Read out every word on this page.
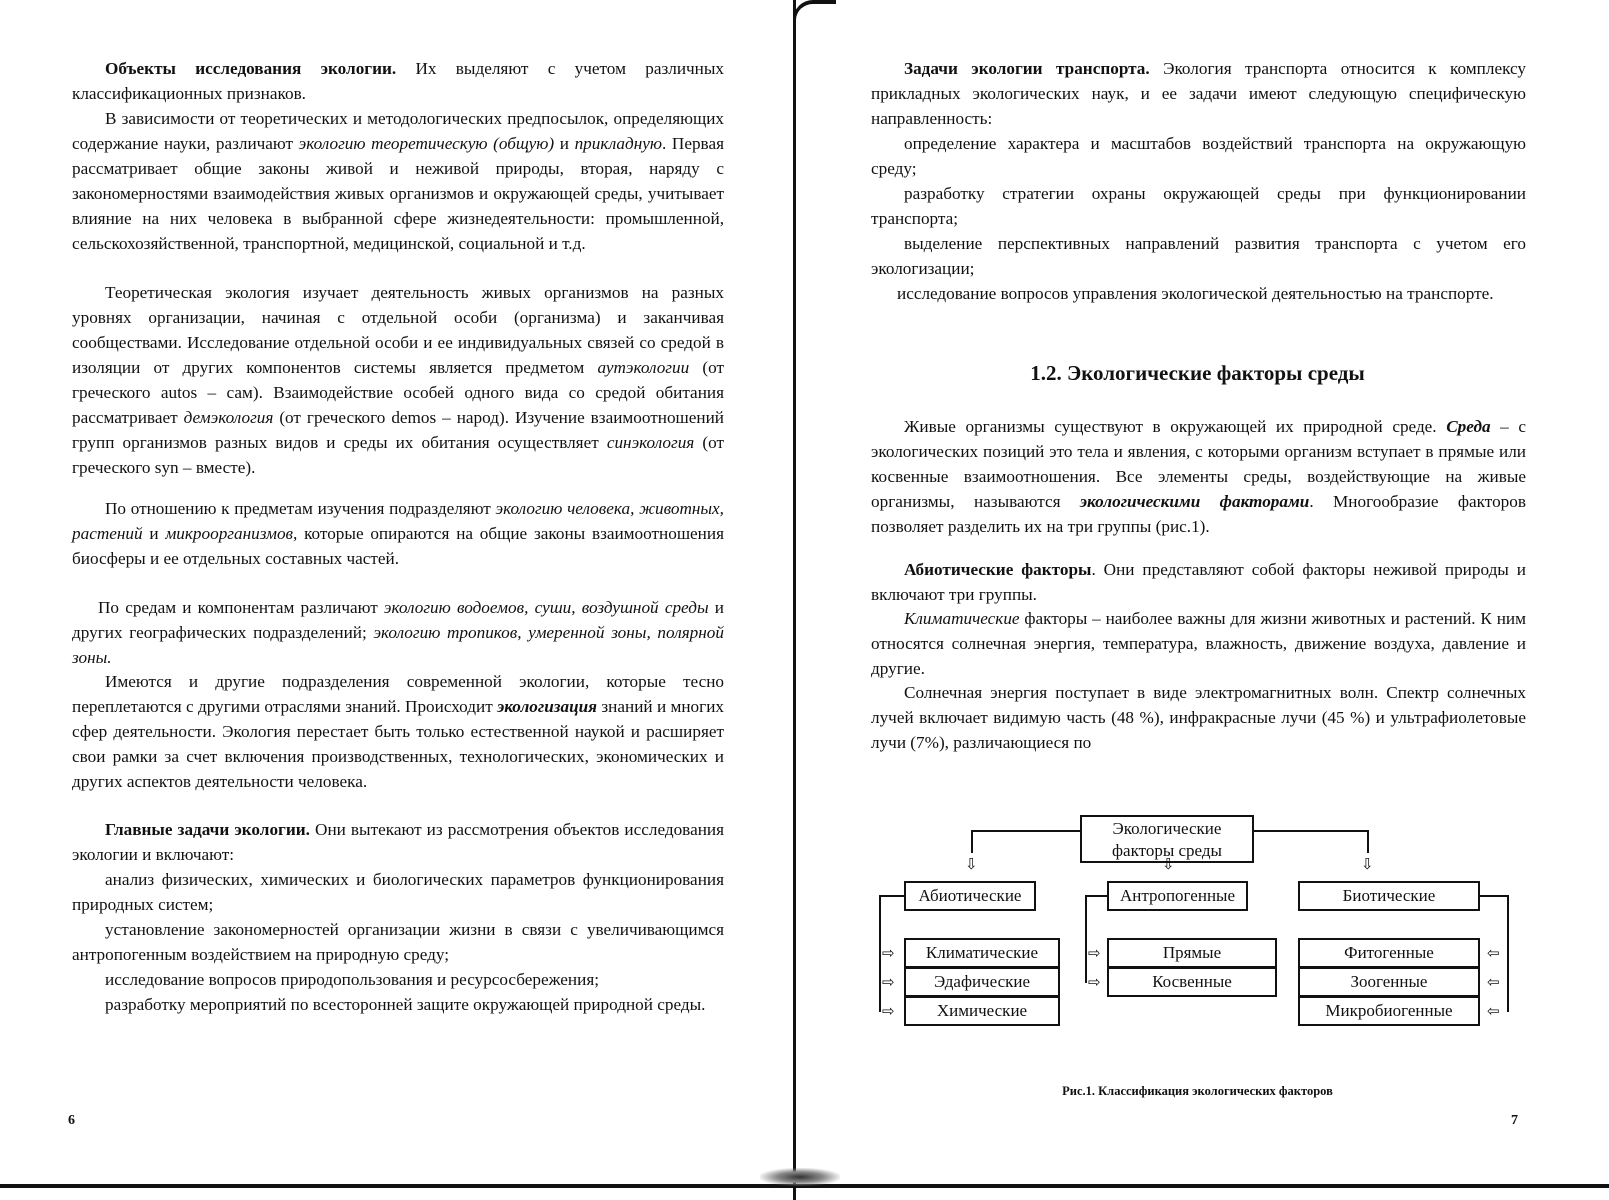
Объекты исследования экологии. Их выделяют с учетом различных классификационных признаков.

В зависимости от теоретических и методологических предпосылок, определяющих содержание науки, различают экологию теоретическую (общую) и прикладную. Первая рассматривает общие законы живой и неживой природы, вторая, наряду с закономерностями взаимодействия живых организмов и окружающей среды, учитывает влияние на них человека в выбранной сфере жизнедеятельности: промышленной, сельскохозяйственной, транспортной, медицинской, социальной и т.д.

Теоретическая экология изучает деятельность живых организмов на разных уровнях организации, начиная с отдельной особи (организма) и заканчивая сообществами. Исследование отдельной особи и ее индивидуальных связей со средой в изоляции от других компонентов системы является предметом аутэкологии (от греческого autos – сам). Взаимодействие особей одного вида со средой обитания рассматривает демэкология (от греческого demos – народ). Изучение взаимоотношений групп организмов разных видов и среды их обитания осуществляет синэкология (от греческого syn – вместе).

По отношению к предметам изучения подразделяют экологию человека, животных, растений и микроорганизмов, которые опираются на общие законы взаимоотношения биосферы и ее отдельных составных частей.

По средам и компонентам различают экологию водоемов, суши, воздушной среды и других географических подразделений; экологию тропиков, умеренной зоны, полярной зоны.

Имеются и другие подразделения современной экологии, которые тесно переплетаются с другими отраслями знаний. Происходит экологизация знаний и многих сфер деятельности. Экология перестает быть только естественной наукой и расширяет свои рамки за счет включения производственных, технологических, экономических и других аспектов деятельности человека.

Главные задачи экологии. Они вытекают из рассмотрения объектов исследования экологии и включают:

анализ физических, химических и биологических параметров функционирования природных систем;

установление закономерностей организации жизни в связи с увеличивающимся антропогенным воздействием на природную среду;

исследование вопросов природопользования и ресурсосбережения;

разработку мероприятий по всесторонней защите окружающей природной среды.

6

Задачи экологии транспорта. Экология транспорта относится к комплексу прикладных экологических наук, и ее задачи имеют следующую специфическую направленность:

определение характера и масштабов воздействий транспорта на окружающую среду;

разработку стратегии охраны окружающей среды при функционировании транспорта;

выделение перспективных направлений развития транспорта с учетом его экологизации;

исследование вопросов управления экологической деятельностью на транспорте.

1.2. Экологические факторы среды

Живые организмы существуют в окружающей их природной среде. Среда – с экологических позиций это тела и явления, с которыми организм вступает в прямые или косвенные взаимоотношения. Все элементы среды, воздействующие на живые организмы, называются экологическими факторами. Многообразие факторов позволяет разделить их на три группы (рис.1).

Абиотические факторы. Они представляют собой факторы неживой природы и включают три группы.

Климатические факторы – наиболее важны для жизни животных и растений. К ним относятся солнечная энергия, температура, влажность, движение воздуха, давление и другие.

Солнечная энергия поступает в виде электромагнитных волн. Спектр солнечных лучей включает видимую часть (48 %), инфракрасные лучи (45 %) и ультрафиолетовые лучи (7%), различающиеся по

Экологические факторы среды
⇩	⇩	⇩
Абиотические	Антропогенные	Биотические
⇨
⇨
⇨
Климатические
Эдафические
Химические
⇨
⇨
Прямые
Косвенные
⇦
⇦
⇦
Фитогенные
Зоогенные
Микробиогенные
Рис.1. Классификация экологических факторов
7
